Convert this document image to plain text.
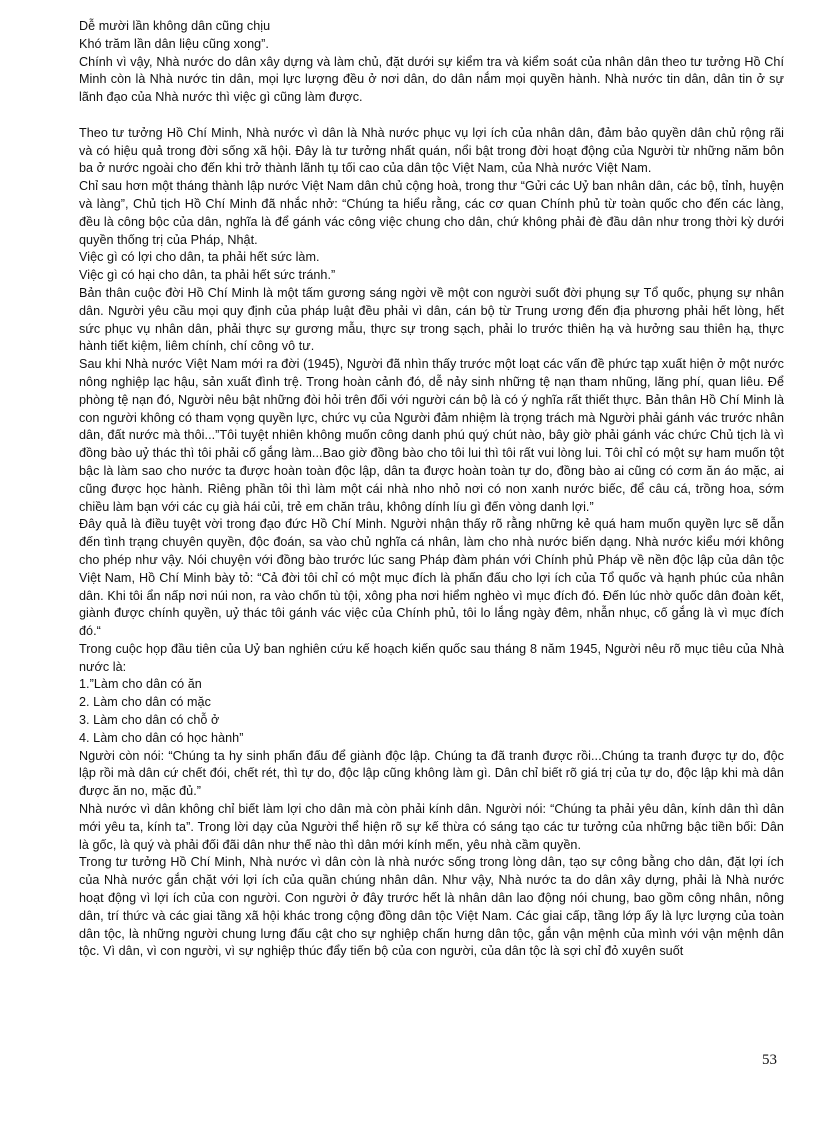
Dễ mười lần không dân cũng chịu

Khó trăm lần dân liệu cũng xong”.

Chính vì vậy, Nhà nước do dân xây dựng và làm chủ, đặt dưới sự kiểm tra và kiểm soát của nhân dân theo tư tưởng Hồ Chí Minh còn là Nhà nước tin dân, mọi lực lượng đều ở nơi dân, do dân nắm mọi quyền hành. Nhà nước tin dân, dân tin ở sự lãnh đạo của Nhà nước thì việc gì cũng làm được.

Theo tư tưởng Hồ Chí Minh, Nhà nước vì dân là Nhà nước phục vụ lợi ích của nhân dân, đảm bảo quyền dân chủ rộng rãi và có hiệu quả trong đời sống xã hội. Đây là tư tưởng nhất quán, nổi bật trong đời hoạt động của Người từ những năm bôn ba ở nước ngoài cho đến khi trở thành lãnh tụ tối cao của dân tộc Việt Nam, của Nhà nước Việt Nam.

Chỉ sau hơn một tháng thành lập nước Việt Nam dân chủ cộng hoà, trong thư “Gửi các Uỷ ban nhân dân, các bộ, tỉnh, huyện và làng”, Chủ tịch Hồ Chí Minh đã nhắc nhở: “Chúng ta hiểu rằng, các cơ quan Chính phủ từ toàn quốc cho đến các làng, đều là công bộc của dân, nghĩa là để gánh vác công việc chung cho dân, chứ không phải đè đầu dân như trong thời kỳ dưới quyền thống trị của Pháp, Nhật.

Việc gì có lợi cho dân, ta phải hết sức làm.

Việc gì có hại cho dân, ta phải hết sức tránh.”

Bản thân cuộc đời Hồ Chí Minh là một tấm gương sáng ngời về một con người suốt đời phụng sự Tổ quốc, phụng sự nhân dân. Người yêu cầu mọi quy định của pháp luật đều phải vì dân, cán bộ từ Trung ương đến địa phương phải hết lòng, hết sức phục vụ nhân dân, phải thực sự gương mẫu, thực sự trong sạch, phải lo trước thiên hạ và hưởng sau thiên hạ, thực hành tiết kiệm, liêm chính, chí công vô tư.

Sau khi Nhà nước Việt Nam mới ra đời (1945), Người đã nhìn thấy trước một loạt các vấn đề phức tạp xuất hiện ở một nước nông nghiệp lạc hậu, sản xuất đình trệ. Trong hoàn cảnh đó, dễ nảy sinh những tệ nạn tham nhũng, lãng phí, quan liêu. Để phòng tệ nạn đó, Người nêu bật những đòi hỏi trên đối với người cán bộ là có ý nghĩa rất thiết thực. Bản thân Hồ Chí Minh là con người không có tham vọng quyền lực, chức vụ của Người đảm nhiệm là trọng trách mà Người phải gánh vác trước nhân dân, đất nước mà thôi...”Tôi tuyệt nhiên không muốn công danh phú quý chút nào, bây giờ phải gánh vác chức Chủ tịch là vì đồng bào uỷ thác thì tôi phải cố gắng làm...Bao giờ đồng bào cho tôi lui thì tôi rất vui lòng lui. Tôi chỉ có một sự ham muốn tột bậc là làm sao cho nước ta được hoàn toàn độc lập, dân ta được hoàn toàn tự do, đồng bào ai cũng có cơm ăn áo mặc, ai cũng được học hành. Riêng phần tôi thì làm một cái nhà nho nhỏ nơi có non xanh nước biếc, để câu cá, trồng hoa, sớm chiều làm bạn với các cụ già hái củi, trẻ em chăn trâu, không dính líu gì đến vòng danh lợi.”

Đây quả là điều tuyệt vời trong đạo đức Hồ Chí Minh. Người nhận thấy rõ rằng những kẻ quá ham muốn quyền lực sẽ dẫn đến tình trạng chuyên quyền, độc đoán, sa vào chủ nghĩa cá nhân, làm cho nhà nước biến dạng. Nhà nước kiểu mới không cho phép như vậy. Nói chuyện với đồng bào trước lúc sang Pháp đàm phán với Chính phủ Pháp về nền độc lập của dân tộc Việt Nam, Hồ Chí Minh bày tỏ: “Cả đời tôi chỉ có một mục đích là phấn đấu cho lợi ích của Tổ quốc và hạnh phúc của nhân dân. Khi tôi ẩn nấp nơi núi non, ra vào chốn tù tội, xông pha nơi hiểm nghèo vì mục đích đó. Đến lúc nhờ quốc dân đoàn kết, giành được chính quyền, uỷ thác tôi gánh vác việc của Chính phủ, tôi lo lắng ngày đêm, nhẫn nhục, cố gắng là vì mục đích đó.“

Trong cuộc họp đầu tiên của Uỷ ban nghiên cứu kế hoạch kiến quốc sau tháng 8 năm 1945, Người nêu rõ mục tiêu của Nhà nước là:

1.”Làm cho dân có ăn

2. Làm cho dân có mặc

3. Làm cho dân có chỗ ở

4. Làm cho dân có học hành”

Người còn nói: “Chúng ta hy sinh phấn đấu để giành độc lập. Chúng ta đã tranh được rồi...Chúng ta tranh được tự do, độc lập rồi mà dân cứ chết đói, chết rét, thì tự do, độc lập cũng không làm gì. Dân chỉ biết rõ giá trị của tự do, độc lập khi mà dân được ăn no, mặc đủ.”

Nhà nước vì dân không chỉ biết làm lợi cho dân mà còn phải kính dân. Người nói: “Chúng ta phải yêu dân, kính dân thì dân mới yêu ta, kính ta”. Trong lời dạy của Người thể hiện rõ sự kế thừa có sáng tạo các tư tưởng của những bậc tiền bối: Dân là gốc, là quý và phải đối đãi dân như thế nào thì dân mới kính mến, yêu nhà cầm quyền.

Trong tư tưởng Hồ Chí Minh, Nhà nước vì dân còn là nhà nước sống trong lòng dân, tạo sự công bằng cho dân, đặt lợi ích của Nhà nước gắn chặt với lợi ích của quần chúng nhân dân. Như vậy, Nhà nước ta do dân xây dựng, phải là Nhà nước hoạt động vì lợi ích của con người. Con người ở đây trước hết là nhân dân lao động nói chung, bao gồm công nhân, nông dân, trí thức và các giai tầng xã hội khác trong cộng đồng dân tộc Việt Nam. Các giai cấp, tầng lớp ấy là lực lượng của toàn dân tộc, là những người chung lưng đấu cật cho sự nghiệp chấn hưng dân tộc, gắn vận mệnh của mình với vận mệnh dân tộc. Vì dân, vì con người, vì sự nghiệp thúc đẩy tiến bộ của con người, của dân tộc là sợi chỉ đỏ xuyên suốt

53
